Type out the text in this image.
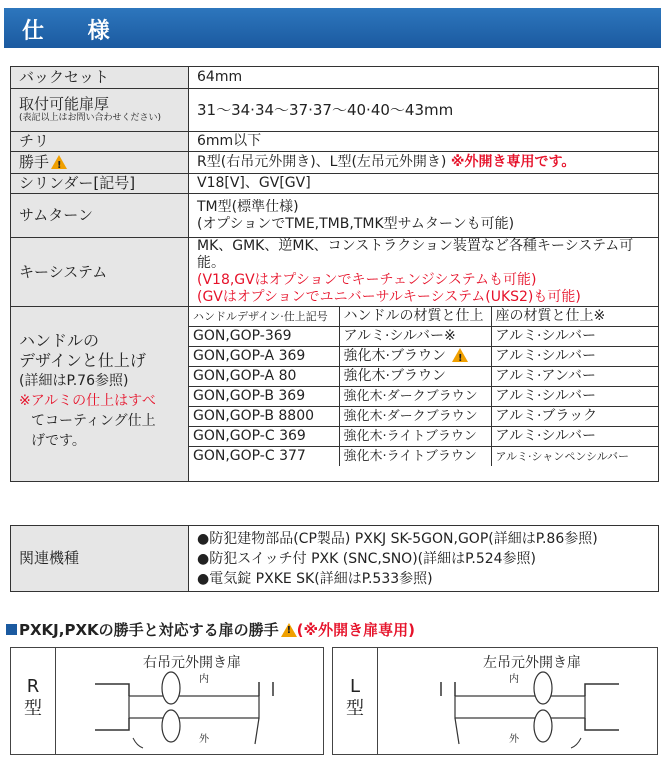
仕 様
バックセット	64mm

取付可能扉厚
(表記以上はお問い合わせください)	31〜34·34〜37·37〜40·40〜43mm
チリ	6mm以下
勝手!	R型(右吊元外開き)、L型(左吊元外開き) ※外開き専用です。
シリンダー[記号]	V18[V]、GV[GV]
サムターン	TM型(標準仕様)
(オプションでTME,TMB,TMK型サムターンも可能)

キーシステム	
MK、GMK、逆MK、コンストラクション装置など各種キーシステム可能。
(V18,GVはオプションでキーチェンジシステムも可能)
(GVはオプションでユニバーサルキーシステム(UKS2)も可能)

ハンドルの
デザインと仕上げ
(詳細はP.76参照)
※アルミの仕上はすべ
てコーティング仕上
げです。

ハンドルデザイン·仕上記号	ハンドルの材質と仕上	座の材質と仕上※
GON,GOP-369	アルミ·シルバー※	アルミ·シルバー
GON,GOP-A 369	強化木·ブラウン!	アルミ·シルバー
GON,GOP-A 80	強化木·ブラウン	アルミ·アンバー
GON,GOP-B 369	強化木·ダークブラウン	アルミ·シルバー
GON,GOP-B 8800	強化木·ダークブラウン	アルミ·ブラック
GON,GOP-C 369	強化木·ライトブラウン	アルミ·シルバー
GON,GOP-C 377	強化木·ライトブラウン	アルミ·シャンペンシルバー
関連機種	
●防犯建物部品(CP製品) PXKJ SK-5GON,GOP(詳細はP.86参照)
●防犯スイッチ付 PXK (SNC,SNO)(詳細はP.524参照)
●電気錠 PXKE SK(詳細はP.533参照)
PXKJ,PXKの勝手と対応する扉の勝手! (※外開き扉専用)
R
型
右吊元外開き扉
内
外
L
型
左吊元外開き扉
内
外
